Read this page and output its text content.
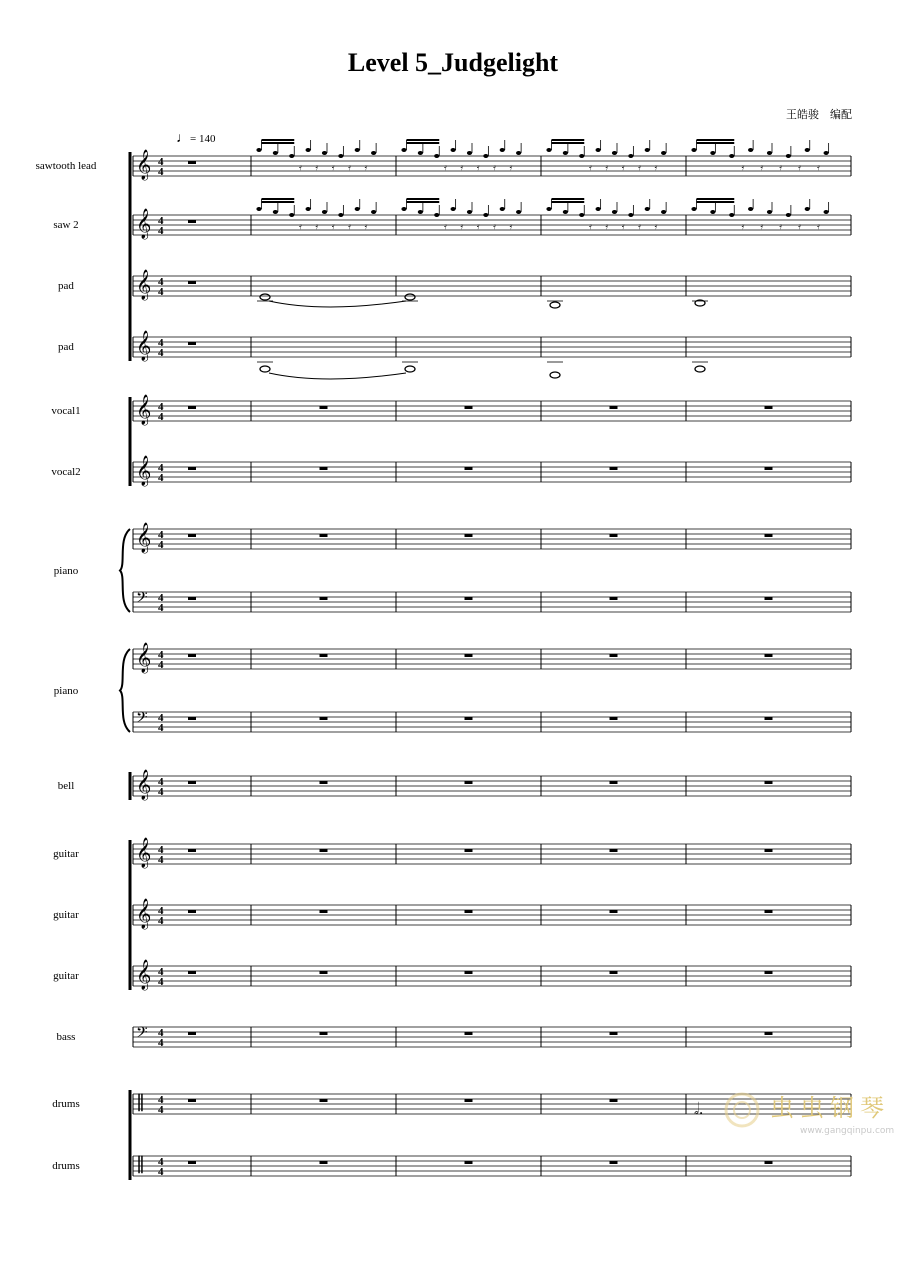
Level 5_Judgelight
王皓骏　编配
♩= 140
sawtooth lead
saw 2
pad
pad
vocal1
vocal2
piano
piano
bell
guitar
guitar
guitar
bass
drums
drums
𝄞 4
4
𝄞 4
4
𝄞 4
4
𝄞 4
4
𝄞 4
4
𝄞 4
4
𝄞 4
4
𝄢 4
4
𝄞 4
4
𝄢 4
4
𝄞 4
4
𝄞 4
4
𝄞 4
4
𝄞 4
4
𝄢 4
4
‖ 4
4
‖ 4
4
𝄿 𝄿 𝄿 𝄿 𝄿	𝄿 𝄿 𝄿 𝄿 𝄿	𝄿 𝄿 𝄿 𝄿 𝄿	𝄿 𝄿 𝄿 𝄿 𝄿
𝄿 𝄿 𝄿 𝄿 𝄿	𝄿 𝄿 𝄿 𝄿 𝄿	𝄿 𝄿 𝄿 𝄿 𝄿	𝄿 𝄿 𝄿 𝄿 𝄿
𝅗𝅥.	虫虫钢琴
www.gangqinpu.com
